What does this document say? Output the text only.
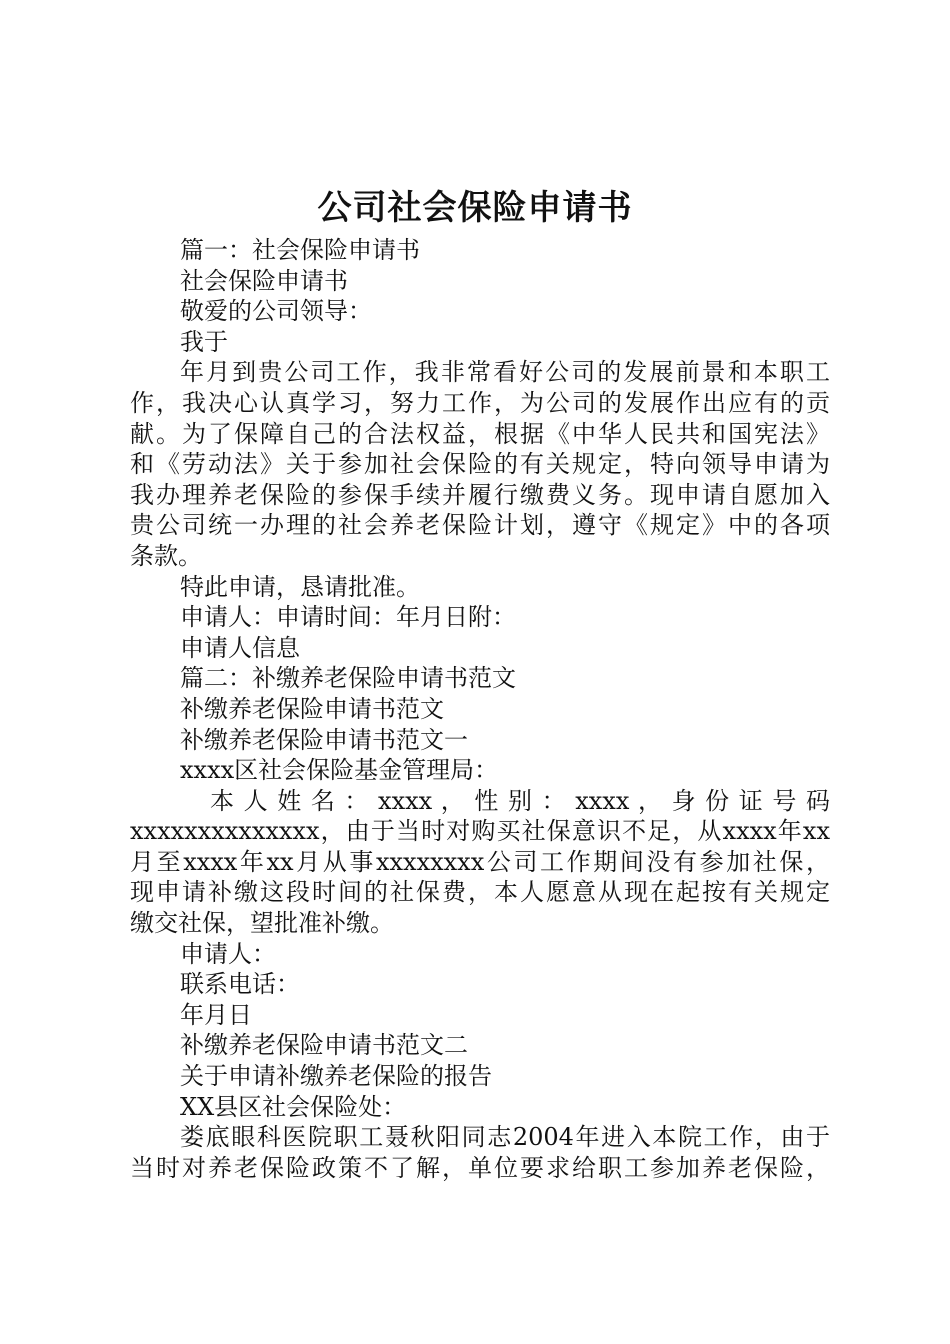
公司社会保险申请书
篇一：社会保险申请书
社会保险申请书
敬爱的公司领导：
我于
年月到贵公司工作，我非常看好公司的发展前景和本职工
作，我决心认真学习，努力工作，为公司的发展作出应有的贡
献。为了保障自己的合法权益，根据《中华人民共和国宪法》
和《劳动法》关于参加社会保险的有关规定，特向领导申请为
我办理养老保险的参保手续并履行缴费义务。现申请自愿加入
贵公司统一办理的社会养老保险计划，遵守《规定》中的各项
条款。
特此申请，恳请批准。
申请人：申请时间：年月日附：
申请人信息
篇二：补缴养老保险申请书范文
补缴养老保险申请书范文
补缴养老保险申请书范文一
xxxx区社会保险基金管理局：
本 人 姓 名 ： xxxx ， 性 别 ： xxxx ， 身 份 证 号 码
xxxxxxxxxxxxxx，由于当时对购买社保意识不足，从xxxx年xx
月至xxxx年xx月从事xxxxxxxx公司工作期间没有参加社保，
现申请补缴这段时间的社保费，本人愿意从现在起按有关规定
缴交社保，望批准补缴。
申请人：
联系电话：
年月日
补缴养老保险申请书范文二
关于申请补缴养老保险的报告
XX县区社会保险处：
娄底眼科医院职工聂秋阳同志2004年进入本院工作，由于
当时对养老保险政策不了解，单位要求给职工参加养老保险，
